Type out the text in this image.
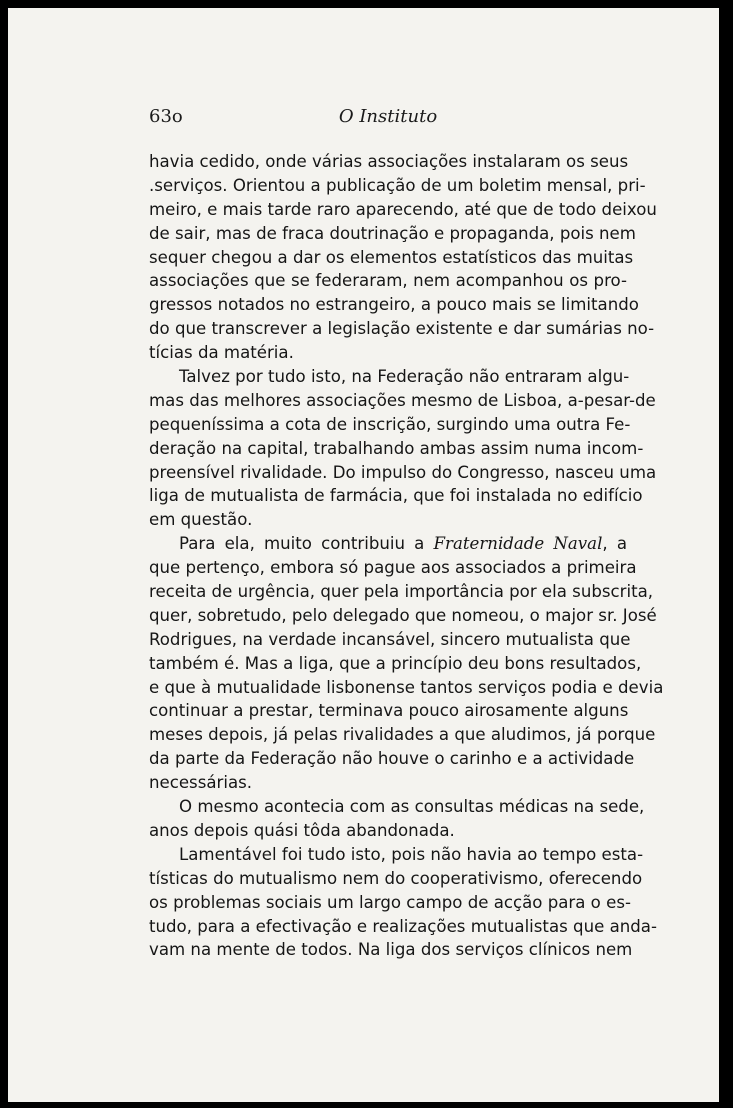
63o	O Instituto
havia cedido, onde várias associações instalaram os seus
.serviços. Orientou a publicação de um boletim mensal, pri-
meiro, e mais tarde raro aparecendo, até que de todo deixou
de sair, mas de fraca doutrinação e propaganda, pois nem
sequer chegou a dar os elementos estatísticos das muitas
associações que se federaram, nem acompanhou os pro-
gressos notados no estrangeiro, a pouco mais se limitando
do que transcrever a legislação existente e dar sumárias no-
tícias da matéria.
Talvez por tudo isto, na Federação não entraram algu-
mas das melhores associações mesmo de Lisboa, a-pesar-de
pequeníssima a cota de inscrição, surgindo uma outra Fe-
deração na capital, trabalhando ambas assim numa incom-
preensível rivalidade. Do impulso do Congresso, nasceu uma
liga de mutualista de farmácia, que foi instalada no edifício
em questão.
Para ela, muito contribuiu a Fraternidade Naval, a
que pertenço, embora só pague aos associados a primeira
receita de urgência, quer pela importância por ela subscrita,
quer, sobretudo, pelo delegado que nomeou, o major sr. José
Rodrigues, na verdade incansável, sincero mutualista que
também é. Mas a liga, que a princípio deu bons resultados,
e que à mutualidade lisbonense tantos serviços podia e devia
continuar a prestar, terminava pouco airosamente alguns
meses depois, já pelas rivalidades a que aludimos, já porque
da parte da Federação não houve o carinho e a actividade
necessárias.
O mesmo acontecia com as consultas médicas na sede,
anos depois quási tôda abandonada.
Lamentável foi tudo isto, pois não havia ao tempo esta-
tísticas do mutualismo nem do cooperativismo, oferecendo
os problemas sociais um largo campo de acção para o es-
tudo, para a efectivação e realizações mutualistas que anda-
vam na mente de todos. Na liga dos serviços clínicos nem
